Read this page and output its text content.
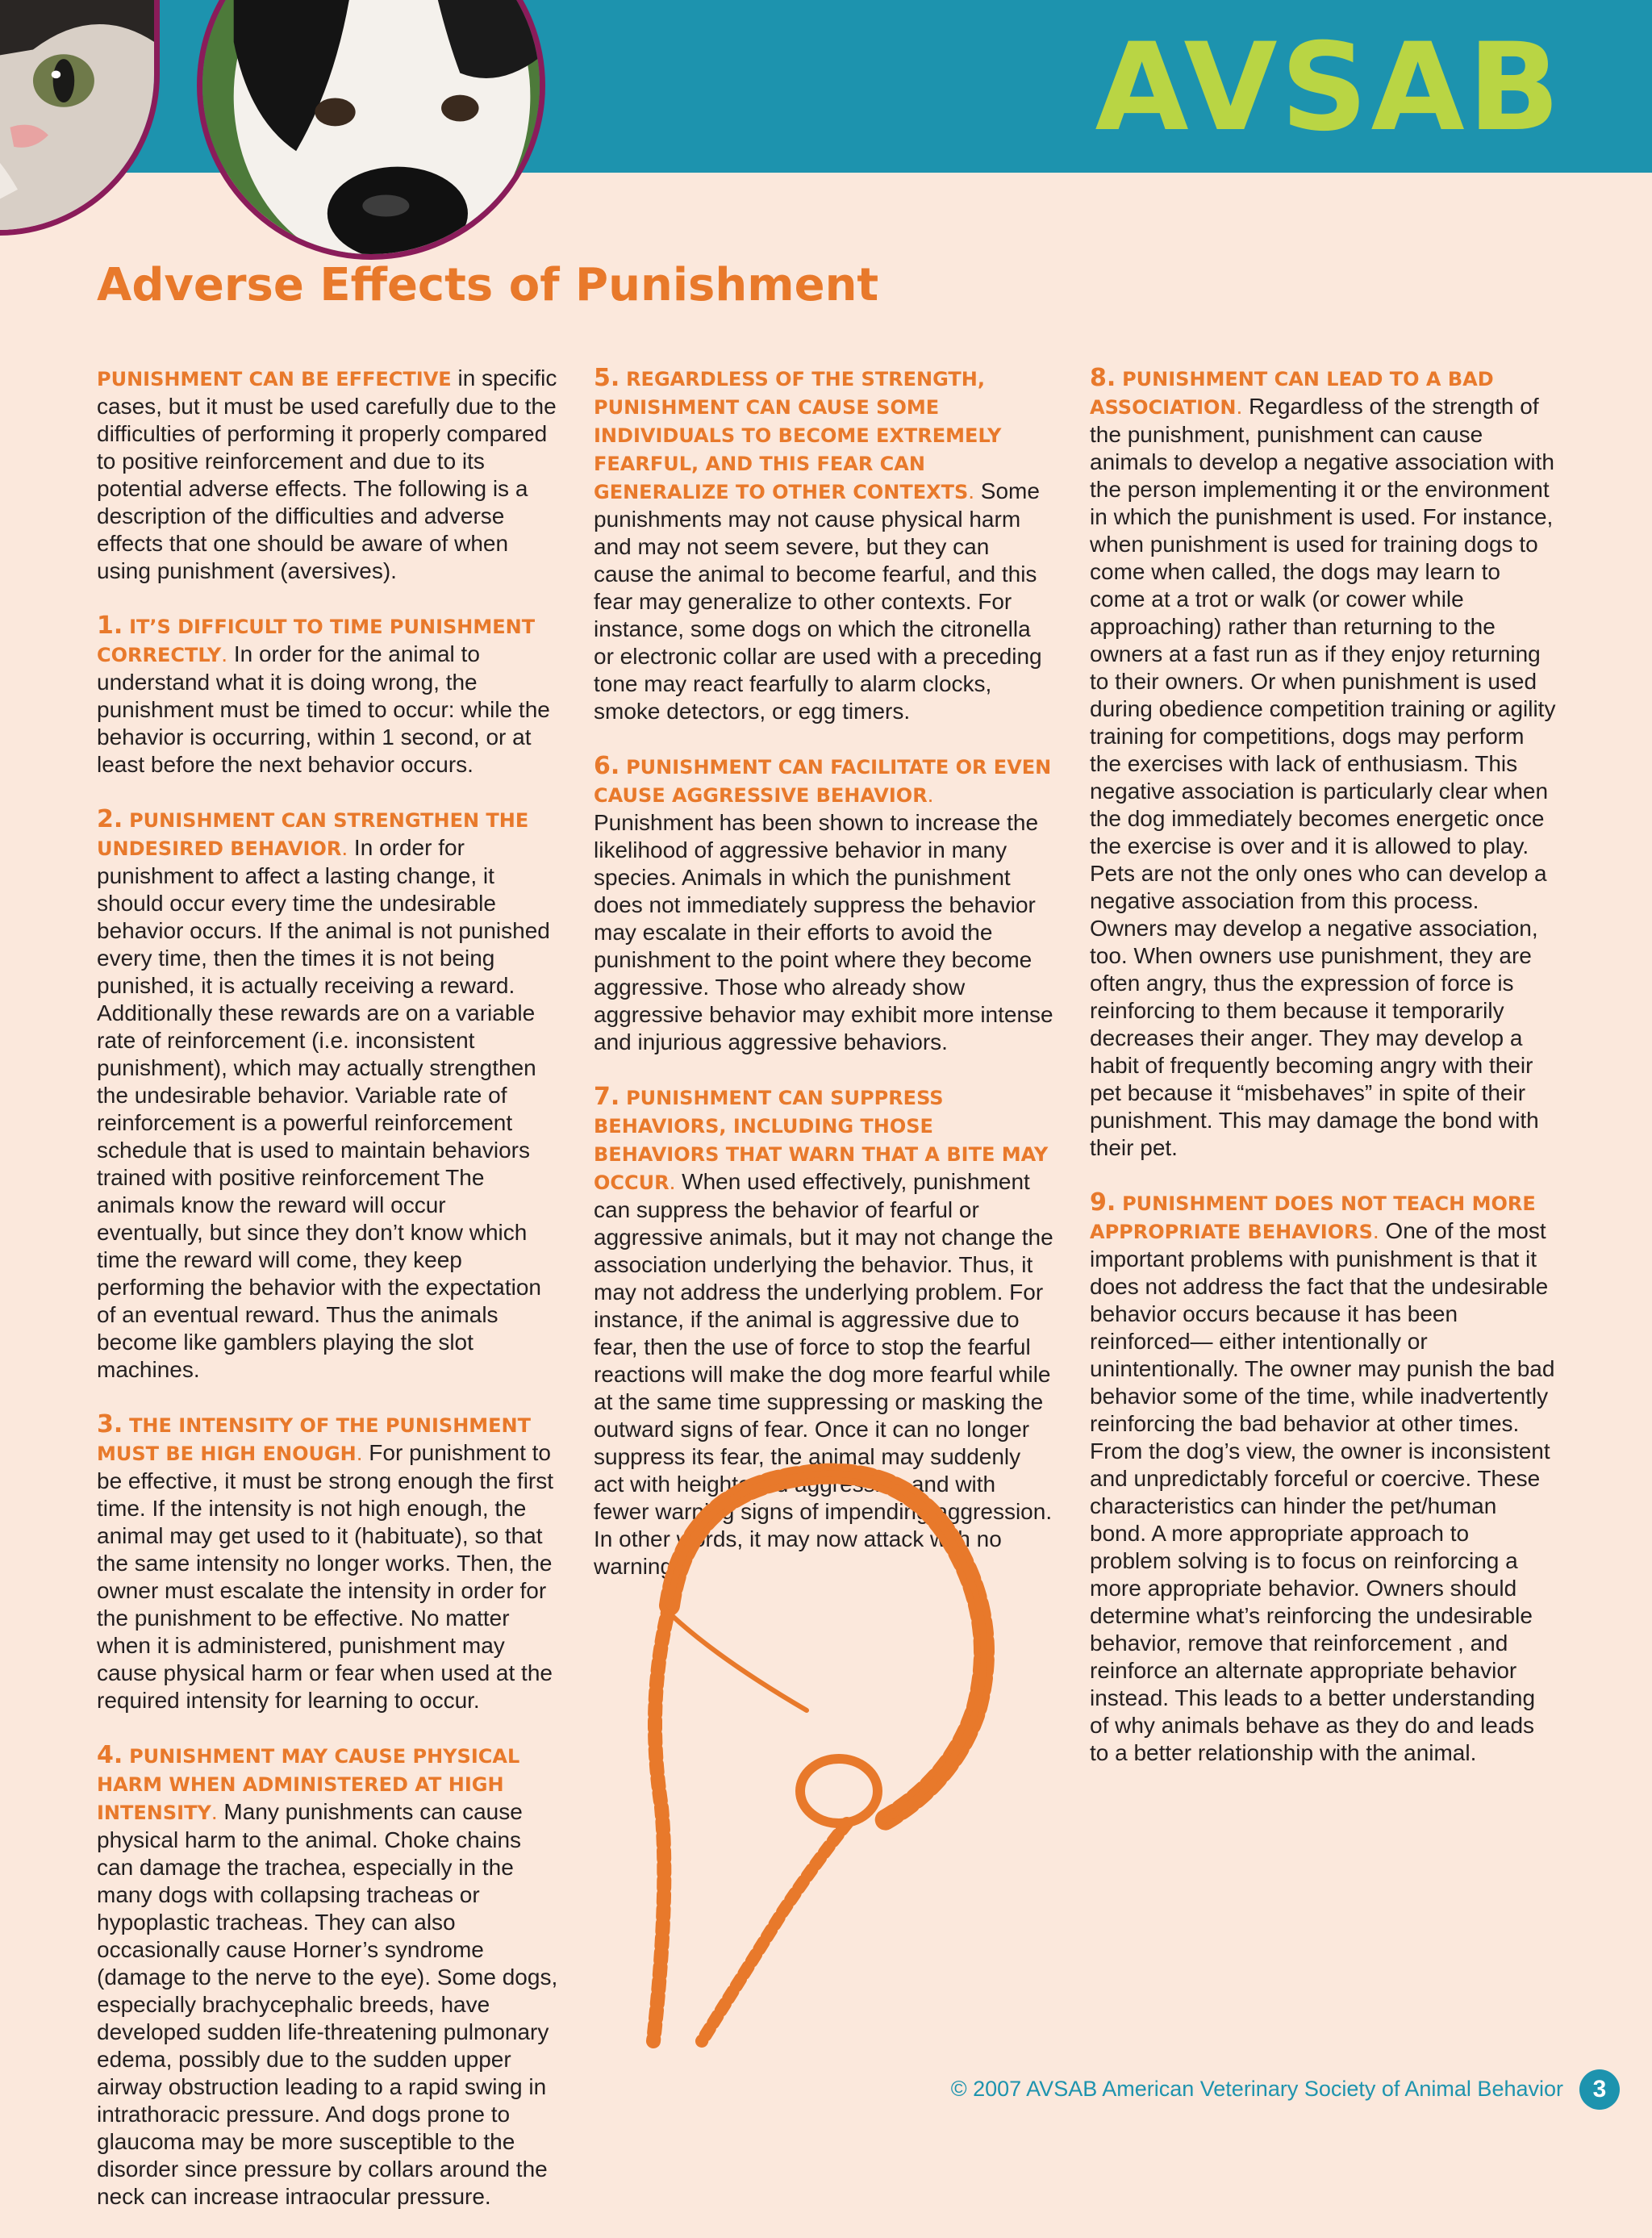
AVSAB
Adverse Effects of Punishment

PUNISHMENT CAN BE EFFECTIVE in specific cases, but it must be used carefully due to the difficulties of performing it properly compared to positive reinforcement and due to its potential adverse effects. The following is a description of the difficulties and adverse effects that one should be aware of when using punishment (aversives).

1. IT’S DIFFICULT TO TIME PUNISHMENT CORRECTLY. In order for the animal to understand what it is doing wrong, the punishment must be timed to occur: while the behavior is occurring, within 1 second, or at least before the next behavior occurs.

2. PUNISHMENT CAN STRENGTHEN THE UNDESIRED BEHAVIOR. In order for punishment to affect a lasting change, it should occur every time the undesirable behavior occurs. If the animal is not punished every time, then the times it is not being punished, it is actually receiving a reward. Additionally these rewards are on a variable rate of reinforcement (i.e. inconsistent punishment), which may actually strengthen the undesirable behavior. Variable rate of reinforcement is a powerful reinforcement schedule that is used to maintain behaviors trained with positive reinforcement The animals know the reward will occur eventually, but since they don’t know which time the reward will come, they keep performing the behavior with the expectation of an eventual reward. Thus the animals become like gamblers playing the slot machines.

3. THE INTENSITY OF THE PUNISHMENT MUST BE HIGH ENOUGH. For punishment to be effective, it must be strong enough the first time. If the intensity is not high enough, the animal may get used to it (habituate), so that the same intensity no longer works. Then, the owner must escalate the intensity in order for the punishment to be effective. No matter when it is administered, punishment may cause physical harm or fear when used at the required intensity for learning to occur.

4. PUNISHMENT MAY CAUSE PHYSICAL HARM WHEN ADMINISTERED AT HIGH INTENSITY. Many punishments can cause physical harm to the animal. Choke chains can damage the trachea, especially in the many dogs with collapsing tracheas or hypoplastic tracheas. They can also occasionally cause Horner’s syndrome (damage to the nerve to the eye). Some dogs, especially brachycephalic breeds, have developed sudden life-threatening pulmonary edema, possibly due to the sudden upper airway obstruction leading to a rapid swing in intrathoracic pressure. And dogs prone to glaucoma may be more susceptible to the disorder since pressure by collars around the neck can increase intraocular pressure.

5. REGARDLESS OF THE STRENGTH, PUNISHMENT CAN CAUSE SOME INDIVIDUALS TO BECOME EXTREMELY FEARFUL, AND THIS FEAR CAN GENERALIZE TO OTHER CONTEXTS. Some punishments may not cause physical harm and may not seem severe, but they can cause the animal to become fearful, and this fear may generalize to other contexts. For instance, some dogs on which the citronella or electronic collar are used with a preceding tone may react fearfully to alarm clocks, smoke detectors, or egg timers.

6. PUNISHMENT CAN FACILITATE OR EVEN CAUSE AGGRESSIVE BEHAVIOR. Punishment has been shown to increase the likelihood of aggressive behavior in many species. Animals in which the punishment does not immediately suppress the behavior may escalate in their efforts to avoid the punishment to the point where they become aggressive. Those who already show aggressive behavior may exhibit more intense and injurious aggressive behaviors.

7. PUNISHMENT CAN SUPPRESS BEHAVIORS, INCLUDING THOSE BEHAVIORS THAT WARN THAT A BITE MAY OCCUR. When used effectively, punishment can suppress the behavior of fearful or aggressive animals, but it may not change the association underlying the behavior. Thus, it may not address the underlying problem. For instance, if the animal is aggressive due to fear, then the use of force to stop the fearful reactions will make the dog more fearful while at the same time suppressing or masking the outward signs of fear. Once it can no longer suppress its fear, the animal may suddenly act with heightened aggression and with fewer warning signs of impending aggression. In other words, it may now attack with no warning.

8. PUNISHMENT CAN LEAD TO A BAD ASSOCIATION. Regardless of the strength of the punishment, punishment can cause animals to develop a negative association with the person implementing it or the environment in which the punishment is used. For instance, when punishment is used for training dogs to come when called, the dogs may learn to come at a trot or walk (or cower while approaching) rather than returning to the owners at a fast run as if they enjoy returning to their owners. Or when punishment is used during obedience competition training or agility training for competitions, dogs may perform the exercises with lack of enthusiasm. This negative association is particularly clear when the dog immediately becomes energetic once the exercise is over and it is allowed to play. Pets are not the only ones who can develop a negative association from this process. Owners may develop a negative association, too. When owners use punishment, they are often angry, thus the expression of force is reinforcing to them because it temporarily decreases their anger. They may develop a habit of frequently becoming angry with their pet because it “misbehaves” in spite of their punishment. This may damage the bond with their pet.

9. PUNISHMENT DOES NOT TEACH MORE APPROPRIATE BEHAVIORS. One of the most important problems with punishment is that it does not address the fact that the undesirable behavior occurs because it has been reinforced— either intentionally or unintentionally. The owner may punish the bad behavior some of the time, while inadvertently reinforcing the bad behavior at other times. From the dog’s view, the owner is inconsistent and unpredictably forceful or coercive. These characteristics can hinder the pet/human bond. A more appropriate approach to problem solving is to focus on reinforcing a more appropriate behavior. Owners should determine what’s reinforcing the undesirable behavior, remove that reinforcement , and reinforce an alternate appropriate behavior instead. This leads to a better understanding of why animals behave as they do and leads to a better relationship with the animal.

© 2007 AVSAB American Veterinary Society of Animal Behavior	3
